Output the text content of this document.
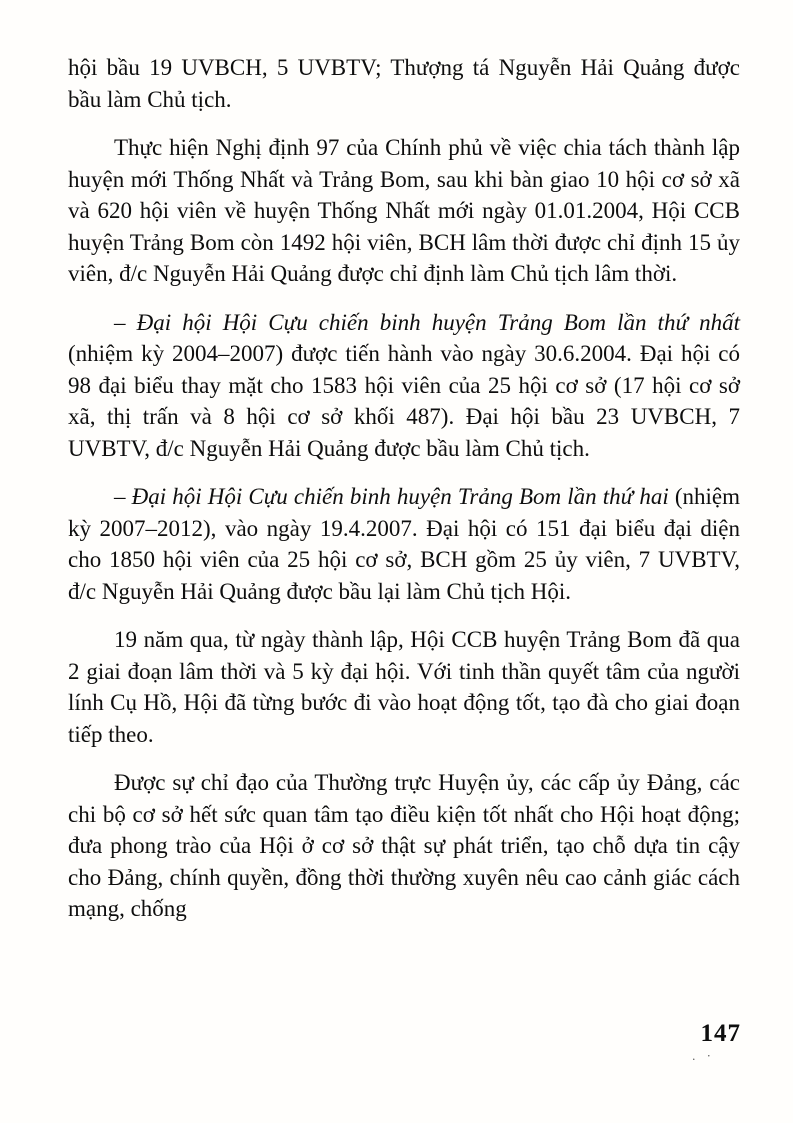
hội bầu 19 UVBCH, 5 UVBTV; Thượng tá Nguyễn Hải Quảng được bầu làm Chủ tịch.

Thực hiện Nghị định 97 của Chính phủ về việc chia tách thành lập huyện mới Thống Nhất và Trảng Bom, sau khi bàn giao 10 hội cơ sở xã và 620 hội viên về huyện Thống Nhất mới ngày 01.01.2004, Hội CCB huyện Trảng Bom còn 1492 hội viên, BCH lâm thời được chỉ định 15 ủy viên, đ/c Nguyễn Hải Quảng được chỉ định làm Chủ tịch lâm thời.

– Đại hội Hội Cựu chiến binh huyện Trảng Bom lần thứ nhất (nhiệm kỳ 2004–2007) được tiến hành vào ngày 30.6.2004. Đại hội có 98 đại biểu thay mặt cho 1583 hội viên của 25 hội cơ sở (17 hội cơ sở xã, thị trấn và 8 hội cơ sở khối 487). Đại hội bầu 23 UVBCH, 7 UVBTV, đ/c Nguyễn Hải Quảng được bầu làm Chủ tịch.

– Đại hội Hội Cựu chiến binh huyện Trảng Bom lần thứ hai (nhiệm kỳ 2007–2012), vào ngày 19.4.2007. Đại hội có 151 đại biểu đại diện cho 1850 hội viên của 25 hội cơ sở, BCH gồm 25 ủy viên, 7 UVBTV, đ/c Nguyễn Hải Quảng được bầu lại làm Chủ tịch Hội.

19 năm qua, từ ngày thành lập, Hội CCB huyện Trảng Bom đã qua 2 giai đoạn lâm thời và 5 kỳ đại hội. Với tinh thần quyết tâm của người lính Cụ Hồ, Hội đã từng bước đi vào hoạt động tốt, tạo đà cho giai đoạn tiếp theo.

Được sự chỉ đạo của Thường trực Huyện ủy, các cấp ủy Đảng, các chi bộ cơ sở hết sức quan tâm tạo điều kiện tốt nhất cho Hội hoạt động; đưa phong trào của Hội ở cơ sở thật sự phát triển, tạo chỗ dựa tin cậy cho Đảng, chính quyền, đồng thời thường xuyên nêu cao cảnh giác cách mạng, chống

147
. ·
